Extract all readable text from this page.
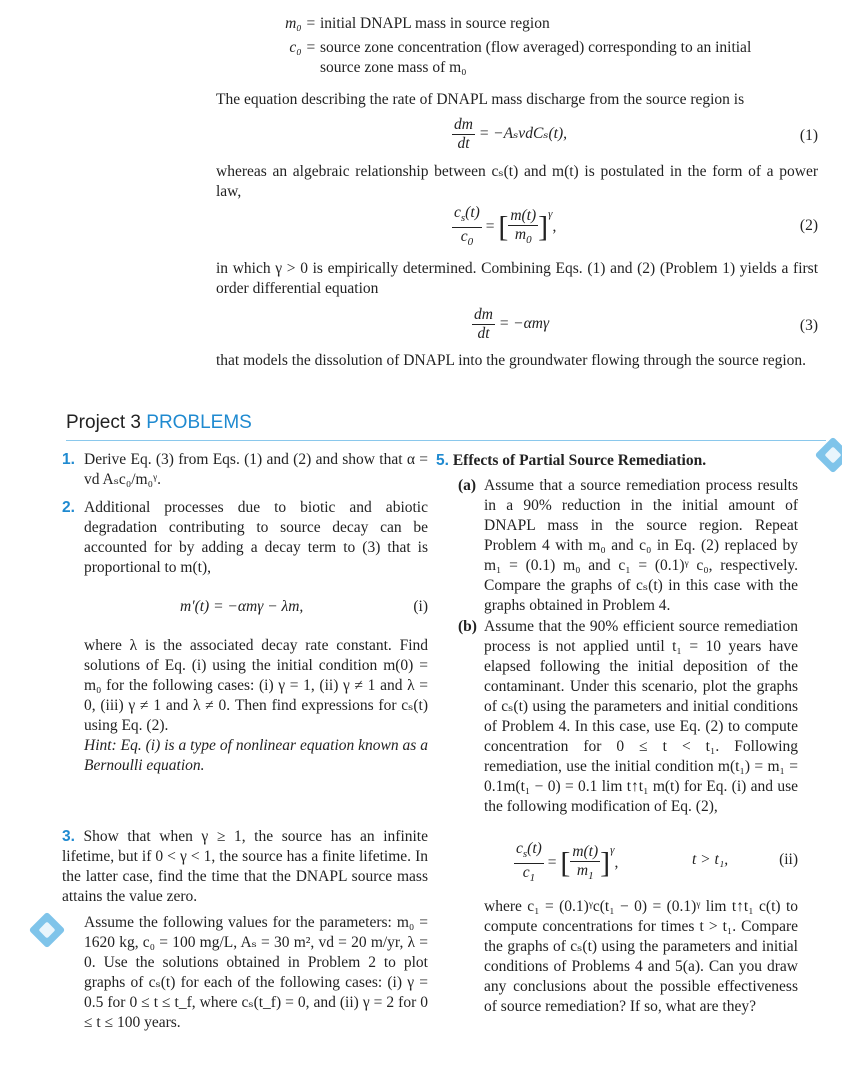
m₀ = initial DNAPL mass in source region
c₀ = source zone concentration (flow averaged) corresponding to an initial source zone mass of m₀
The equation describing the rate of DNAPL mass discharge from the source region is
$\frac{dm}{dt} = -A_svdC_s(t)$,	(1)
whereas an algebraic relationship between cₛ(t) and m(t) is postulated in the form of a power law,
$\frac{c_s(t)}{c_0}$ = [ $\frac{m(t)}{m_0} ]^\gamma$,	(2)
in which γ > 0 is empirically determined. Combining Eqs. (1) and (2) (Problem 1) yields a first order differential equation
$\frac{dm}{dt} = -\alpha m\gamma$	(3)
that models the dissolution of DNAPL into the groundwater flowing through the source region.
Project 3 PROBLEMS
1. Derive Eq. (3) from Eqs. (1) and (2) and show that α = vd Aₛc₀/m₀ᵞ.

2. Additional processes due to biotic and abiotic degradation contributing to source decay can be accounted for by adding a decay term to (3) that is proportional to m(t),

m′(t) = −αmγ − λm,	(i)

where λ is the associated decay rate constant. Find solutions of Eq. (i) using the initial condition m(0) = m₀ for the following cases: (i) γ = 1, (ii) γ ≠ 1 and λ = 0, (iii) γ ≠ 1 and λ ≠ 0. Then find expressions for cₛ(t) using Eq. (2).

Hint: Eq. (i) is a type of nonlinear equation known as a Bernoulli equation.

3. Show that when γ ≥ 1, the source has an infinite lifetime, but if 0 < γ < 1, the source has a finite lifetime. In the latter case, find the time that the DNAPL source mass attains the value zero.

Assume the following values for the parameters: m₀ = 1620 kg, c₀ = 100 mg/L, Aₛ = 30 m², vd = 20 m/yr, λ = 0. Use the solutions obtained in Problem 2 to plot graphs of cₛ(t) for each of the following cases: (i) γ = 0.5 for 0 ≤ t ≤ t_f, where cₛ(t_f) = 0, and (ii) γ = 2 for 0 ≤ t ≤ 100 years.

5. Effects of Partial Source Remediation.

(a) Assume that a source remediation process results in a 90% reduction in the initial amount of DNAPL mass in the source region. Repeat Problem 4 with m₀ and c₀ in Eq. (2) replaced by m₁ = (0.1) m₀ and c₁ = (0.1)ᵞ c₀, respectively. Compare the graphs of cₛ(t) in this case with the graphs obtained in Problem 4.

(b) Assume that the 90% efficient source remediation process is not applied until t₁ = 10 years have elapsed following the initial deposition of the contaminant. Under this scenario, plot the graphs of cₛ(t) using the parameters and initial conditions of Problem 4. In this case, use Eq. (2) to compute concentration for 0 ≤ t < t₁. Following remediation, use the initial condition m(t₁) = m₁ = 0.1m(t₁ − 0) = 0.1 lim t↑t₁ m(t) for Eq. (i) and use the following modification of Eq. (2),

$\frac{c_s(t)}{c_1}$ = [ $\frac{m(t)}{m_1} ]^\gamma$,	t > t₁,	(ii)

where c₁ = (0.1)ᵞc(t₁ − 0) = (0.1)ᵞ lim t↑t₁ c(t) to compute concentrations for times t > t₁. Compare the graphs of cₛ(t) using the parameters and initial conditions of Problems 4 and 5(a). Can you draw any conclusions about the possible effectiveness of source remediation? If so, what are they?
